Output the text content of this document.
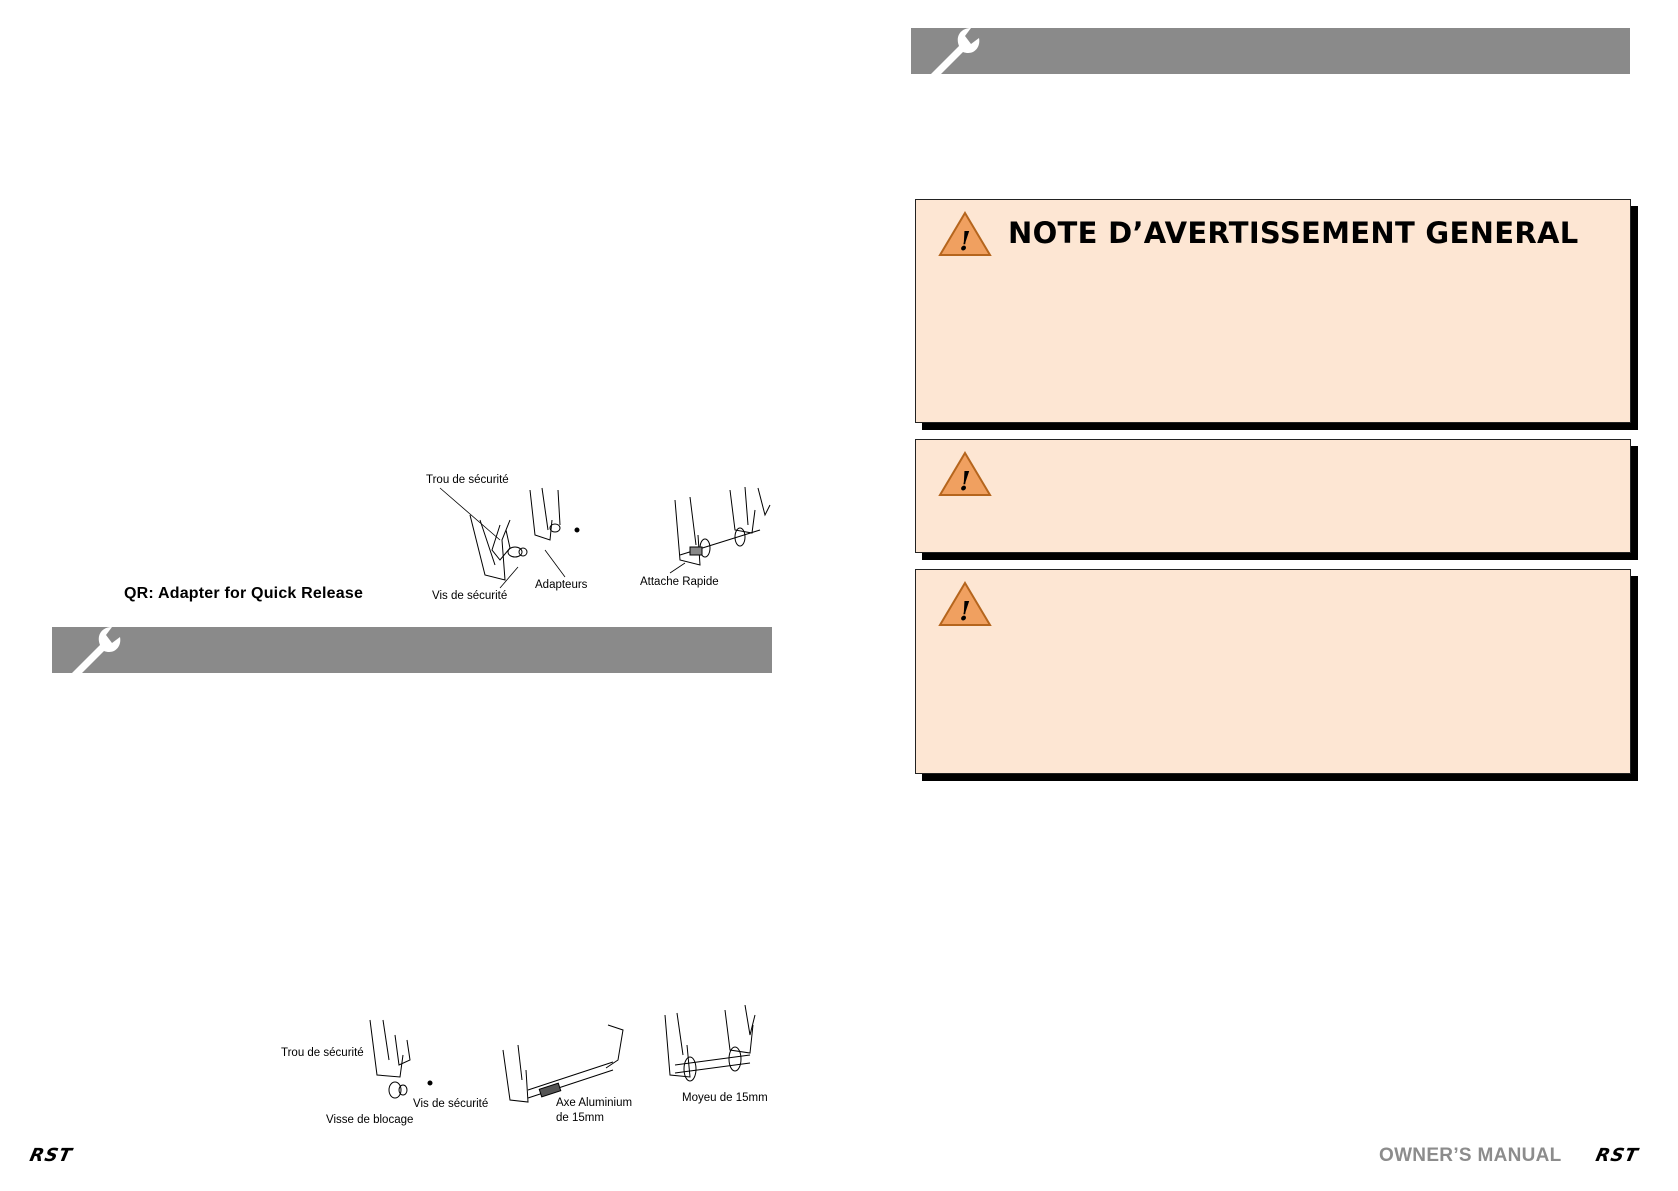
Trou de sécurité
Vis de sécurité
Adapteurs	Attache Rapide
QR: Adapter for Quick Release
Trou de sécurité
Vis de sécurité
Visse de blocage
Axe Aluminium
de 15mm
Moyeu de 15mm
! NOTE D’AVERTISSEMENT GENERAL
!
!
RST	OWNER’S MANUAL RST
